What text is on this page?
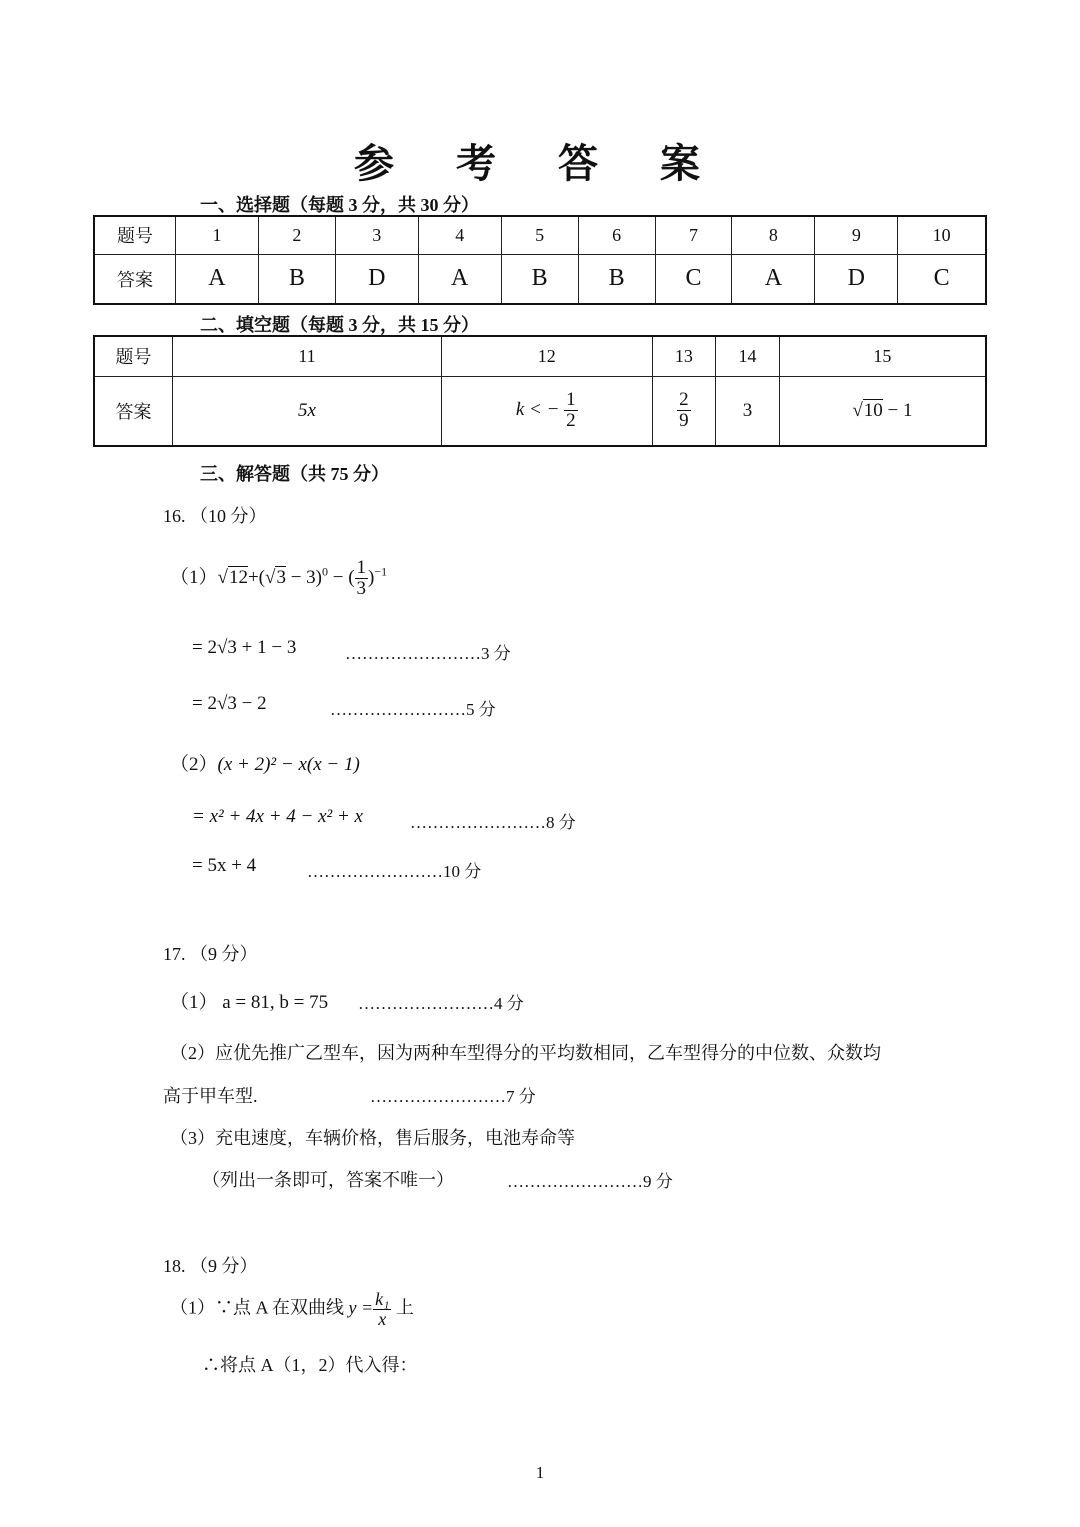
参 考 答 案
一、选择题（每题 3 分，共 30 分）
题号	1	2	3	4	5	6	7	8	9	10
答案	A	B	D	A	B	B	C	A	D	C
二、填空题（每题 3 分，共 15 分）
题号	11	12	13	14	15
答案	5x	k < − $\frac{1}{2}$	$\frac{2}{9}$	3	√10 − 1
三、解答题（共 75 分）
16. （10 分）
$(1)√12+(√3 - 3)^0$ − ( $\frac{1}{3} )^{-1}$
= 2√3 + 1 − 3	……………………3 分
= 2√3 − 2	……………………5 分
（2）(x + 2)² − x(x − 1)
= x² + 4x + 4 − x² + x	……………………8 分
= 5x + 4	……………………10 分
17. （9 分）
（1） a = 81, b = 75 ……………………4 分
（2）应优先推广乙型车，因为两种车型得分的平均数相同，乙车型得分的中位数、众数均
高于甲车型.	……………………7 分
（3）充电速度，车辆价格，售后服务，电池寿命等
（列出一条即可，答案不唯一）	……………………9 分
18. （9 分）
（1）∵点 A 在双曲线 $y = \frac{\text{k₁}}{x}$ 上
∴将点 A（1，2）代入得：
1
